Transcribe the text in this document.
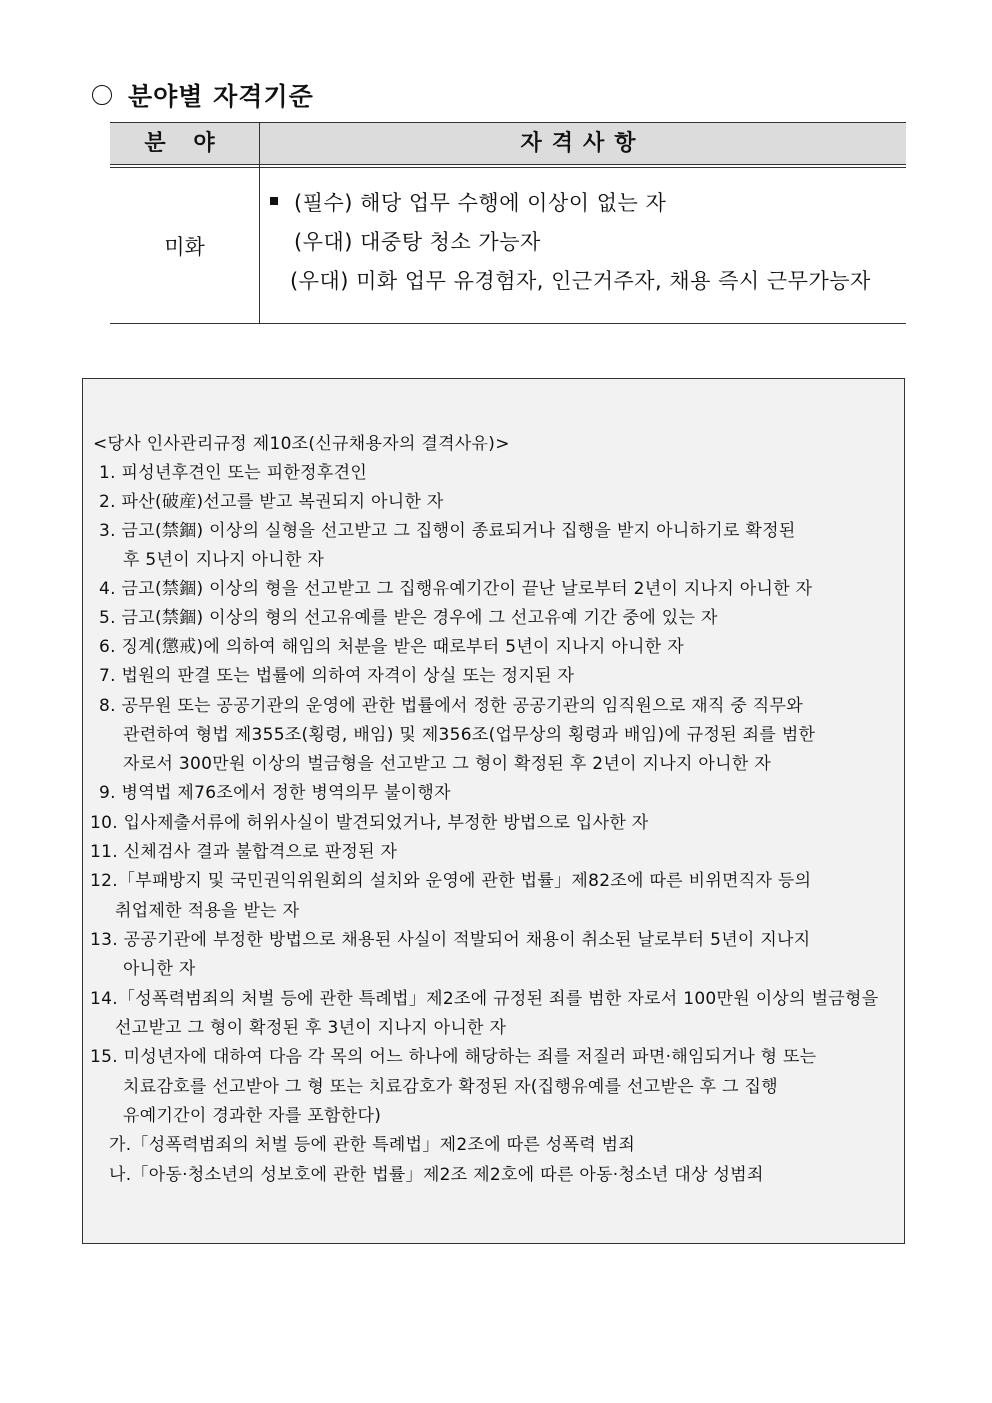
분야별 자격기준
분 야	자격사항
미화
(필수) 해당 업무 수행에 이상이 없는 자
(우대) 대중탕 청소 가능자
(우대) 미화 업무 유경험자, 인근거주자, 채용 즉시 근무가능자
<당사 인사관리규정 제10조(신규채용자의 결격사유)>
1. 피성년후견인 또는 피한정후견인
2. 파산(破産)선고를 받고 복권되지 아니한 자
3. 금고(禁錮) 이상의 실형을 선고받고 그 집행이 종료되거나 집행을 받지 아니하기로 확정된
후 5년이 지나지 아니한 자
4. 금고(禁錮) 이상의 형을 선고받고 그 집행유예기간이 끝난 날로부터 2년이 지나지 아니한 자
5. 금고(禁錮) 이상의 형의 선고유예를 받은 경우에 그 선고유예 기간 중에 있는 자
6. 징계(懲戒)에 의하여 해임의 처분을 받은 때로부터 5년이 지나지 아니한 자
7. 법원의 판결 또는 법률에 의하여 자격이 상실 또는 정지된 자
8. 공무원 또는 공공기관의 운영에 관한 법률에서 정한 공공기관의 임직원으로 재직 중 직무와
관련하여 형법 제355조(횡령, 배임) 및 제356조(업무상의 횡령과 배임)에 규정된 죄를 범한
자로서 300만원 이상의 벌금형을 선고받고 그 형이 확정된 후 2년이 지나지 아니한 자
9. 병역법 제76조에서 정한 병역의무 불이행자
10. 입사제출서류에 허위사실이 발견되었거나, 부정한 방법으로 입사한 자
11. 신체검사 결과 불합격으로 판정된 자
12.「부패방지 및 국민권익위원회의 설치와 운영에 관한 법률」제82조에 따른 비위면직자 등의
취업제한 적용을 받는 자
13. 공공기관에 부정한 방법으로 채용된 사실이 적발되어 채용이 취소된 날로부터 5년이 지나지
아니한 자
14.「성폭력범죄의 처벌 등에 관한 특례법」제2조에 규정된 죄를 범한 자로서 100만원 이상의 벌금형을
선고받고 그 형이 확정된 후 3년이 지나지 아니한 자
15. 미성년자에 대하여 다음 각 목의 어느 하나에 해당하는 죄를 저질러 파면·해임되거나 형 또는
치료감호를 선고받아 그 형 또는 치료감호가 확정된 자(집행유예를 선고받은 후 그 집행
유예기간이 경과한 자를 포함한다)
가.「성폭력범죄의 처벌 등에 관한 특례법」제2조에 따른 성폭력 범죄
나.「아동·청소년의 성보호에 관한 법률」제2조 제2호에 따른 아동·청소년 대상 성범죄
